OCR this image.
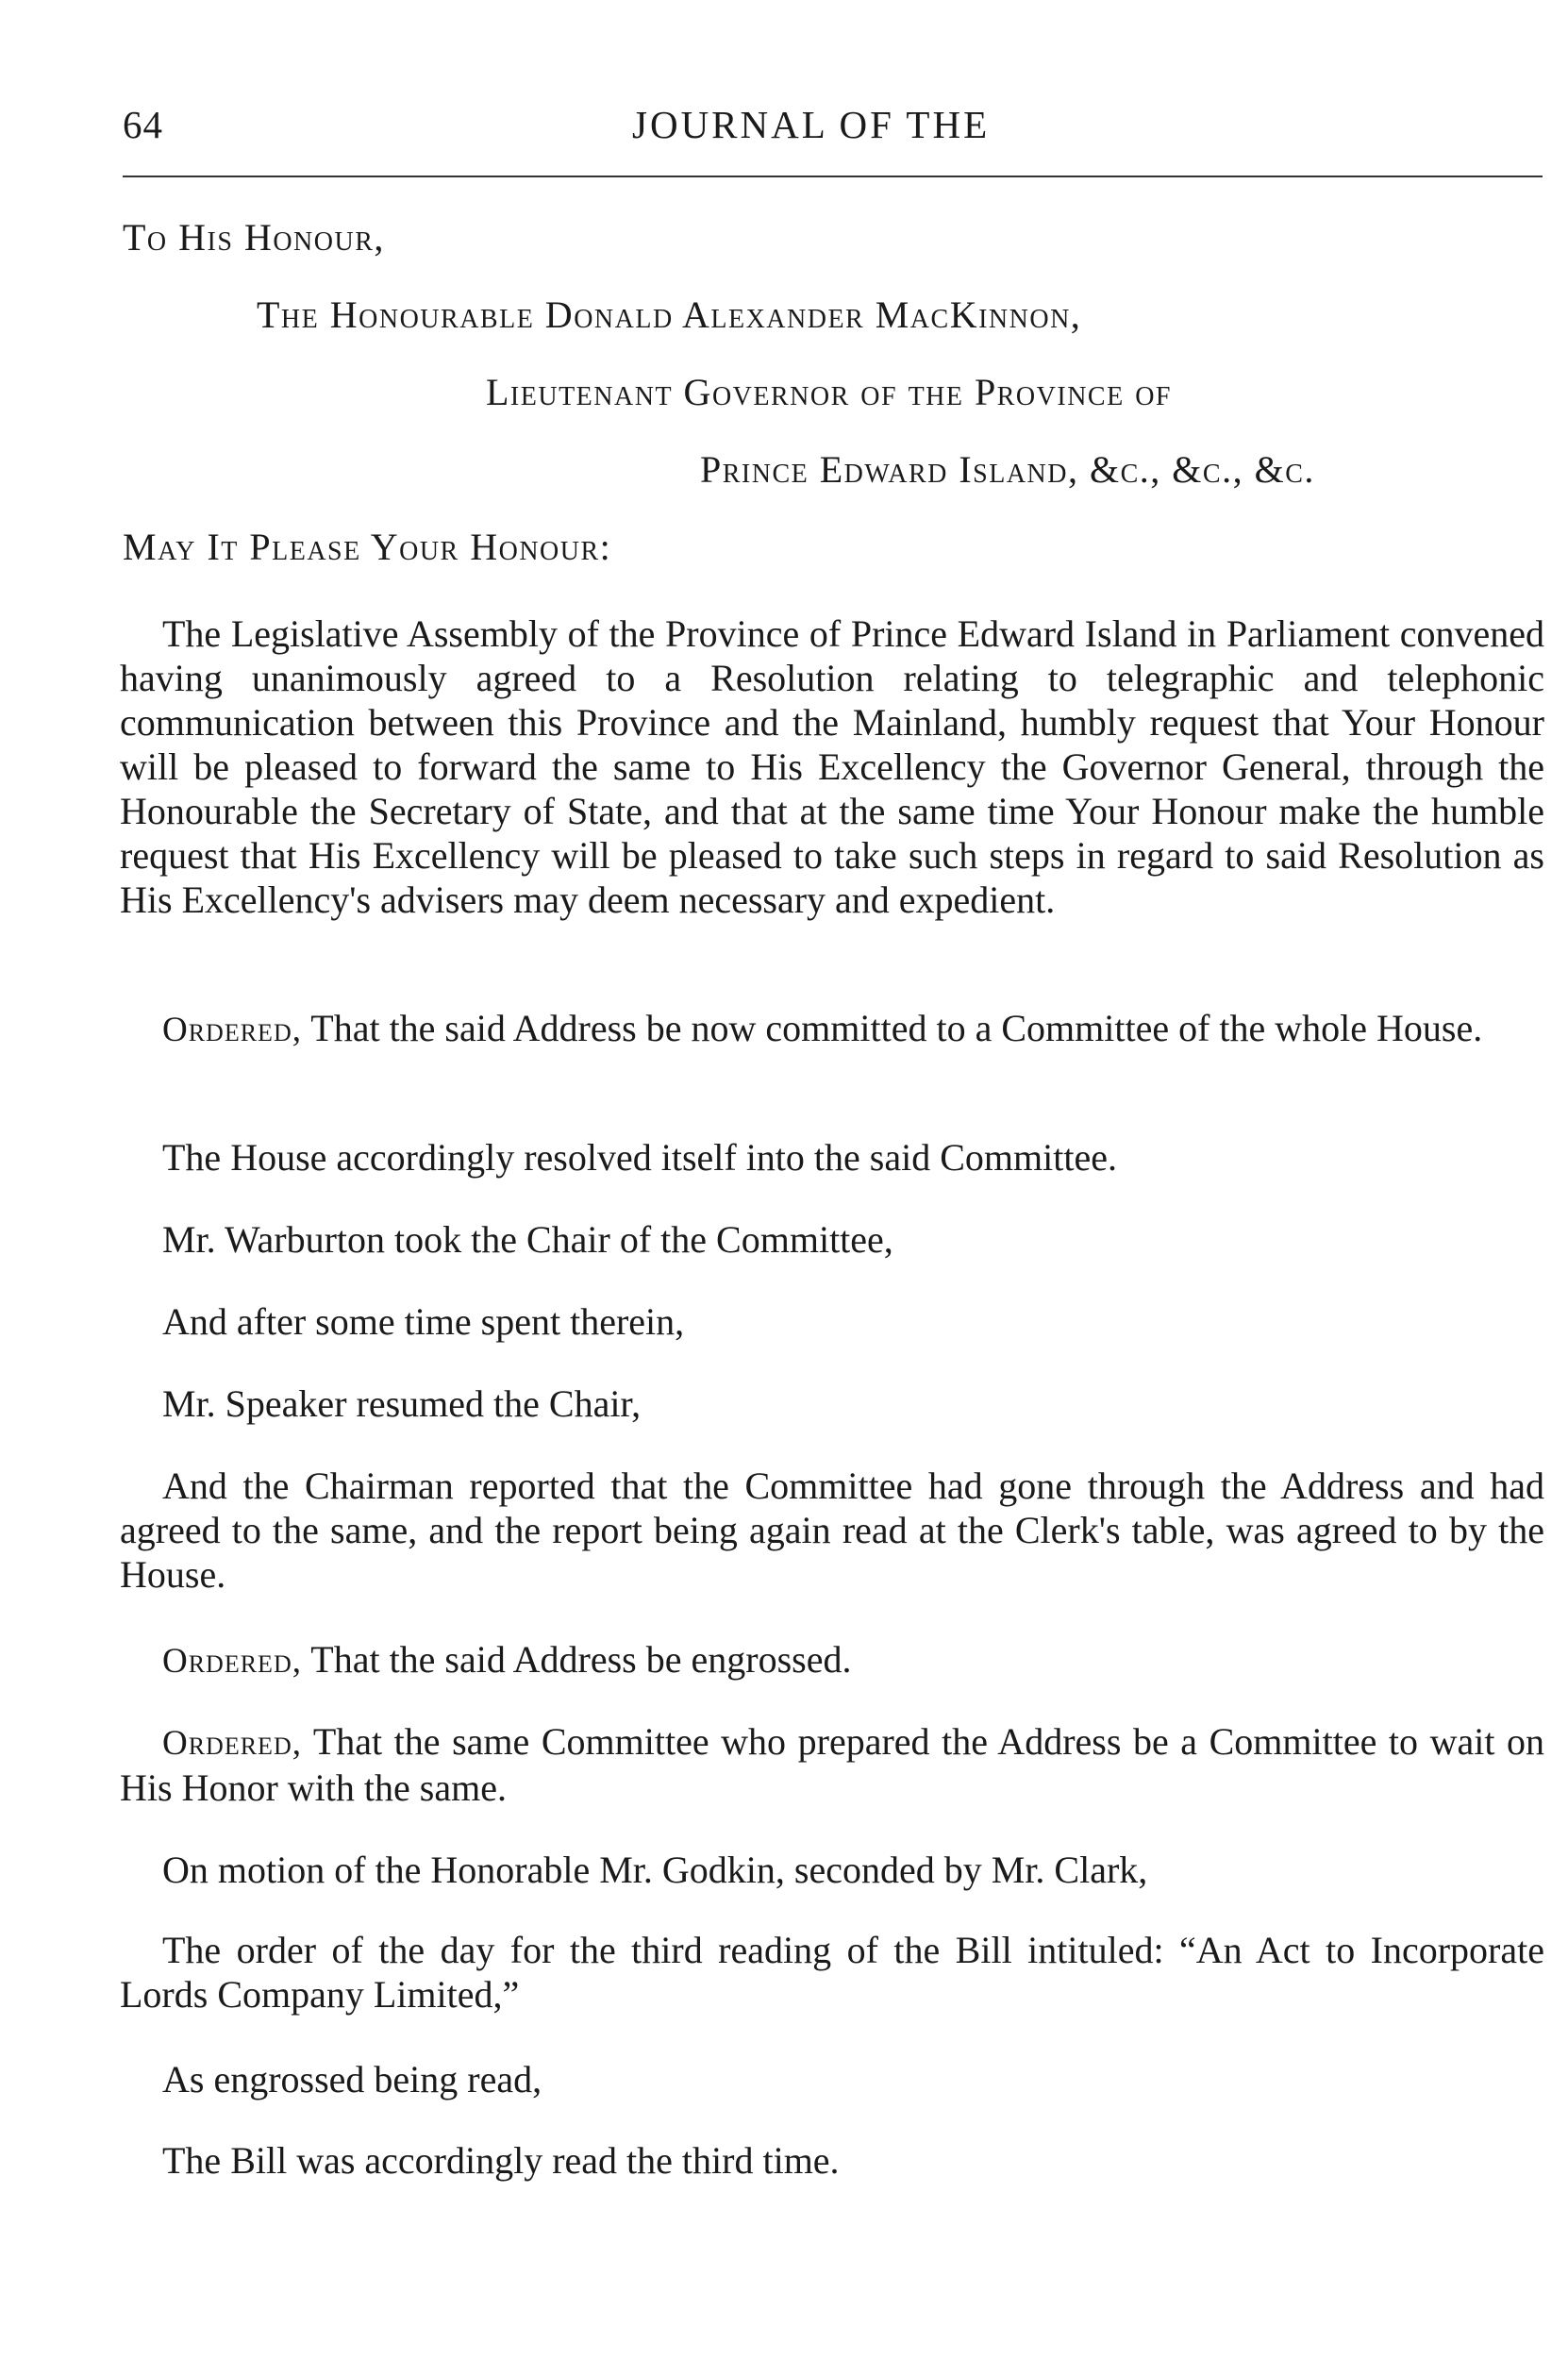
64	JOURNAL OF THE
To His Honour,
The Honourable Donald Alexander MacKinnon,
Lieutenant Governor of the Province of
Prince Edward Island, &c., &c., &c.
May It Please Your Honour:

The Legislative Assembly of the Province of Prince Edward Island in Parliament convened having unanimously agreed to a Resolution relating to telegraphic and telephonic communication between this Province and the Mainland, humbly request that Your Honour will be pleased to forward the same to His Excellency the Governor General, through the Honourable the Secretary of State, and that at the same time Your Honour make the humble request that His Excellency will be pleased to take such steps in regard to said Resolution as His Excellency's advisers may deem necessary and expedient.

Ordered, That the said Address be now committed to a Committee of the whole House.

The House accordingly resolved itself into the said Committee.
Mr. Warburton took the Chair of the Committee,
And after some time spent therein,
Mr. Speaker resumed the Chair,

And the Chairman reported that the Committee had gone through the Address and had agreed to the same, and the report being again read at the Clerk's table, was agreed to by the House.

Ordered, That the said Address be engrossed.

Ordered, That the same Committee who prepared the Address be a Committee to wait on His Honor with the same.

On motion of the Honorable Mr. Godkin, seconded by Mr. Clark,

The order of the day for the third reading of the Bill intituled: “An Act to Incorporate Lords Company Limited,”

As engrossed being read,
The Bill was accordingly read the third time.
